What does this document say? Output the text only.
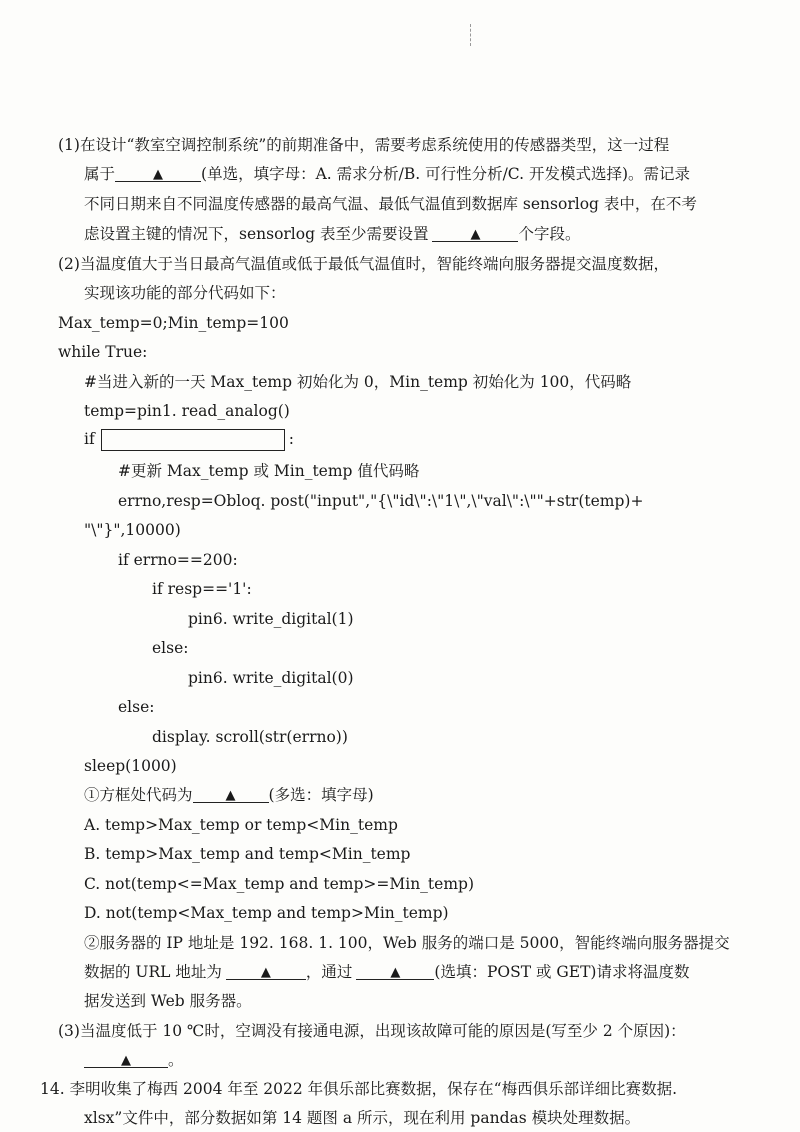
(1)在设计“教室空调控制系统”的前期准备中，需要考虑系统使用的传感器类型，这一过程
属于	▲ (单选，填字母：A. 需求分析/B. 可行性分析/C. 开发模式选择)。需记录
不同日期来自不同温度传感器的最高气温、最低气温值到数据库 sensorlog 表中，在不考
虑设置主键的情况下，sensorlog 表至少需要设置	▲ 个字段。
(2)当温度值大于当日最高气温值或低于最低气温值时，智能终端向服务器提交温度数据，
实现该功能的部分代码如下：
Max_temp=0;Min_temp=100
while True:
#当进入新的一天 Max_temp 初始化为 0，Min_temp 初始化为 100，代码略
temp=pin1. read_analog()
if	:
#更新 Max_temp 或 Min_temp 值代码略
errno,resp=Obloq. post("input","{\"id\":\"1\",\"val\":\""+str(temp)+
"\"}",10000)
if errno==200:
if resp=='1':
pin6. write_digital(1)
else:
pin6. write_digital(0)
else:
display. scroll(str(errno))
sleep(1000)
①方框处代码为	▲ (多选：填字母)
A. temp>Max_temp or temp<Min_temp
B. temp>Max_temp and temp<Min_temp
C. not(temp<=Max_temp and temp>=Min_temp)
D. not(temp<Max_temp and temp>Min_temp)
②服务器的 IP 地址是 192. 168. 1. 100，Web 服务的端口是 5000，智能终端向服务器提交
数据的 URL 地址为	▲ ，通过	▲ (选填：POST 或 GET)请求将温度数
据发送到 Web 服务器。
(3)当温度低于 10 ℃时，空调没有接通电源，出现该故障可能的原因是(写至少 2 个原因)：
▲ 。
14. 李明收集了梅西 2004 年至 2022 年俱乐部比赛数据，保存在“梅西俱乐部详细比赛数据.
xlsx”文件中，部分数据如第 14 题图 a 所示，现在利用 pandas 模块处理数据。
